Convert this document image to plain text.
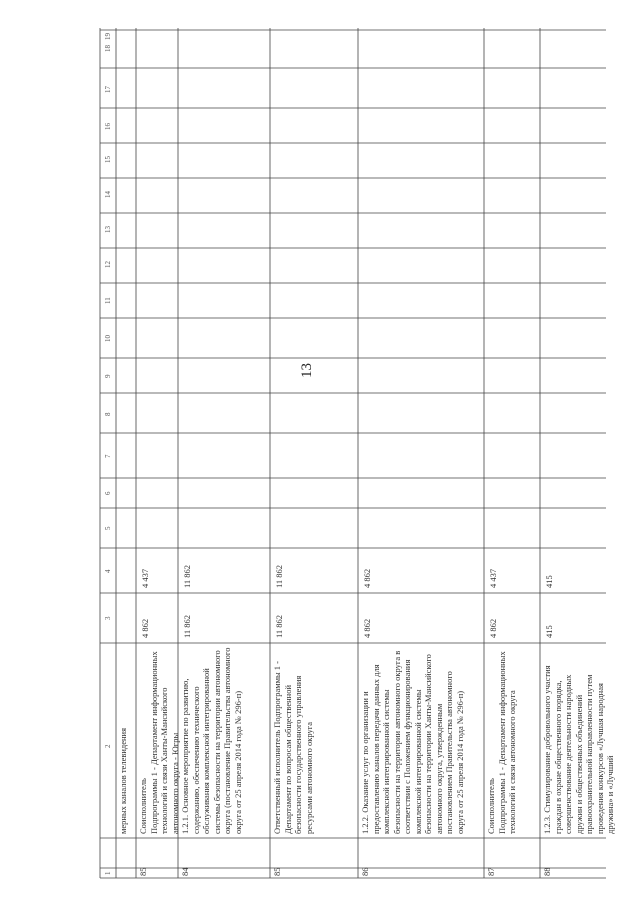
13
1
2
3
4
5
6
7
8
9
10
11
12
13
14
15
16
17
18
19
мерных каналов телевидения
85
Соисполнитель
Подпрограммы 1 - Департамент информационных технологий и связи Ханты-Мансийского автономного округа - Югры
4 862
4 437
84
1.2.1. Основное мероприятие по развитию, содержанию, обеспечению технического обслуживания комплексной интегрированной системы безопасности на территории автономного округа (постановление Правительства автономного округа от 25 апреля 2014 года № 296-п)
11 862
11 862
85
Ответственный исполнитель Подпрограммы 1 - Департамент по вопросам общественной безопасности государственного управления ресурсами автономного округа
11 862
11 862
86
1.2.2. Оказание услуг по организации и предоставлению каналов передачи данных для комплексной интегрированной системы безопасности на территории автономного округа в соответствии с Положением функционирования комплексной интегрированной системы безопасности на территории Ханты-Мансийского автономного округа, утвержденным постановлением Правительства автономного округа от 25 апреля 2014 года № 296-п)
4 862
4 862
87
Соисполнитель
Подпрограммы 1 - Департамент информационных технологий и связи автономного округа
4 862
4 437
88
1.2.3. Стимулирование добровольного участия граждан в охране общественного порядка, совершенствование деятельности народных дружин и общественных объединений правоохранительной направленности путем проведения конкурсов «Лучшая народная дружина» и «Лучший
415
415
